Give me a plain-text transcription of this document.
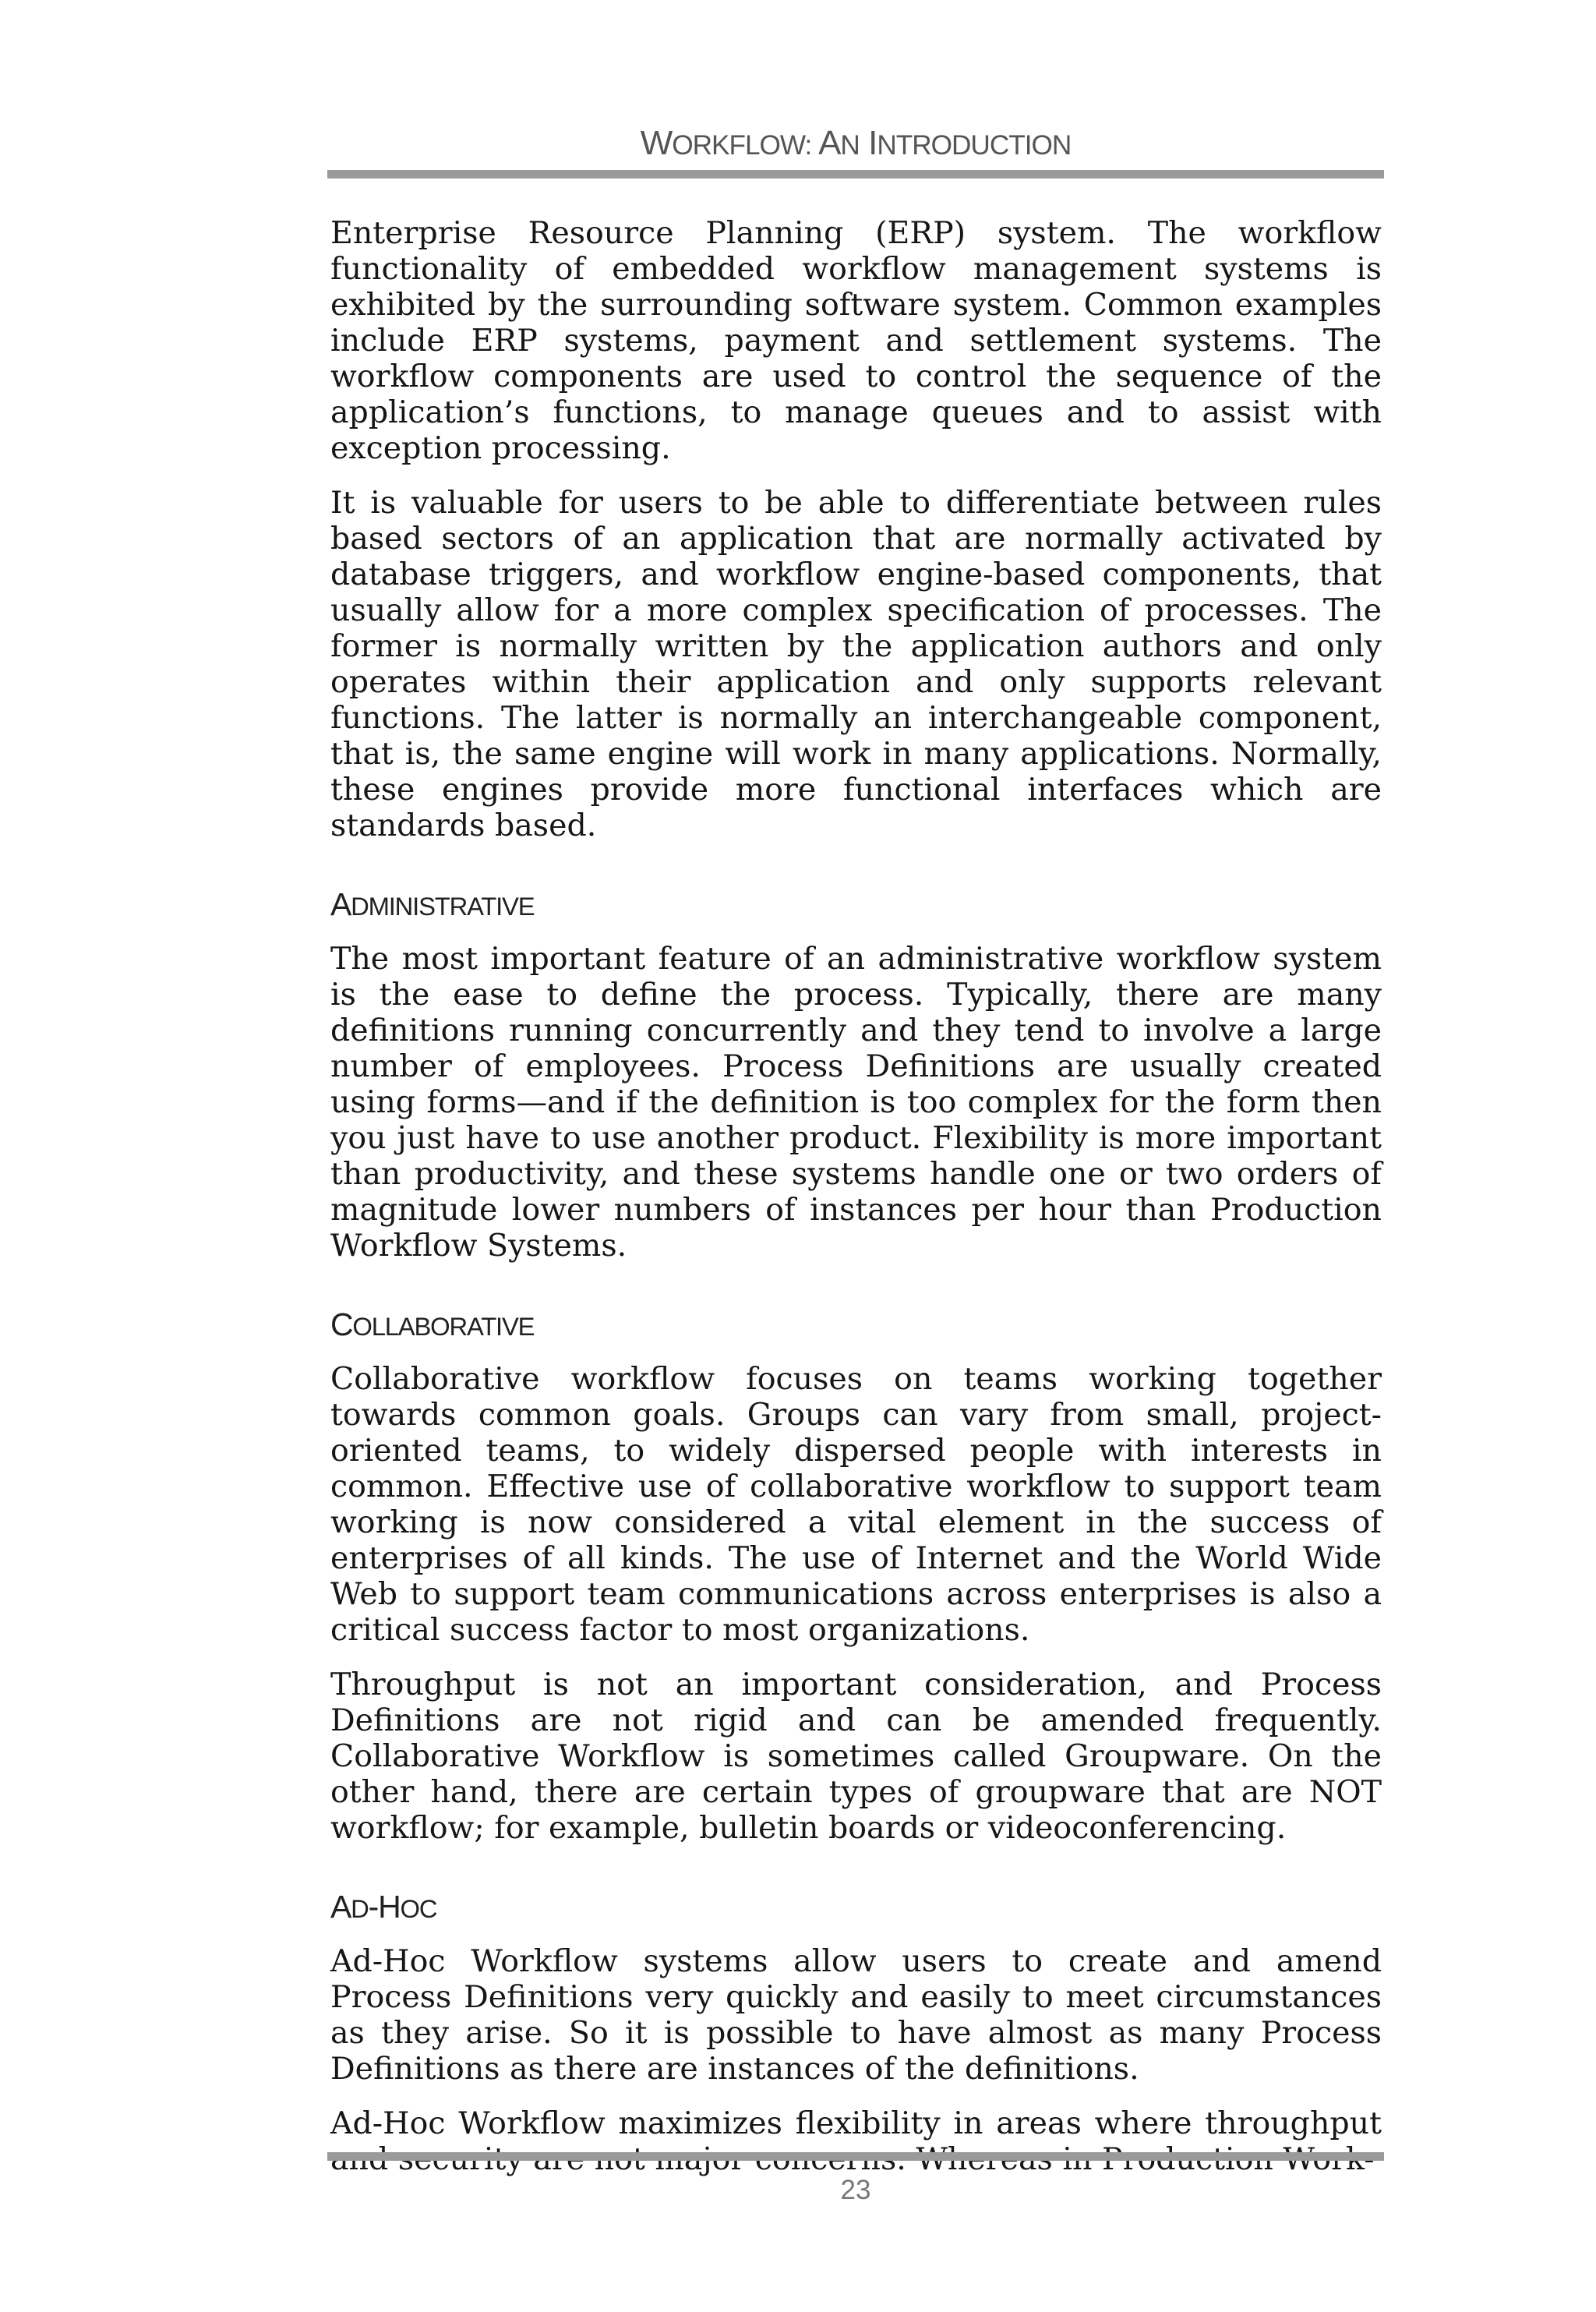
WORKFLOW: AN INTRODUCTION

Enterprise Resource Planning (ERP) system. The workflow functionality of embedded workflow management systems is exhibited by the surrounding software system. Common examples include ERP systems, payment and settlement systems. The workflow components are used to control the sequence of the application’s functions, to manage queues and to assist with exception processing.

It is valuable for users to be able to differentiate between rules based sectors of an application that are normally activated by database triggers, and workflow engine-based components, that usually allow for a more complex specification of processes. The former is normally written by the application authors and only operates within their application and only supports relevant functions. The latter is normally an interchangeable component, that is, the same engine will work in many applications. Normally, these engines provide more functional interfaces which are standards based.

ADMINISTRATIVE

The most important feature of an administrative workflow system is the ease to define the process. Typically, there are many definitions running concurrently and they tend to involve a large number of employees. Process Definitions are usually created using forms—and if the definition is too complex for the form then you just have to use another product. Flexibility is more important than productivity, and these systems handle one or two orders of magnitude lower numbers of instances per hour than Production Workflow Systems.

COLLABORATIVE

Collaborative workflow focuses on teams working together towards common goals. Groups can vary from small, project-oriented teams, to widely dispersed people with interests in common. Effective use of collaborative workflow to support team working is now considered a vital element in the success of enterprises of all kinds. The use of Internet and the World Wide Web to support team communications across enterprises is also a critical success factor to most organizations.

Throughput is not an important consideration, and Process Definitions are not rigid and can be amended frequently. Collaborative Workflow is sometimes called Groupware. On the other hand, there are certain types of groupware that are NOT workflow; for example, bulletin boards or videoconferencing.

AD-HOC

Ad-Hoc Workflow systems allow users to create and amend Process Definitions very quickly and easily to meet circumstances as they arise. So it is possible to have almost as many Process Definitions as there are instances of the definitions.

Ad-Hoc Workflow maximizes flexibility in areas where throughput

23
